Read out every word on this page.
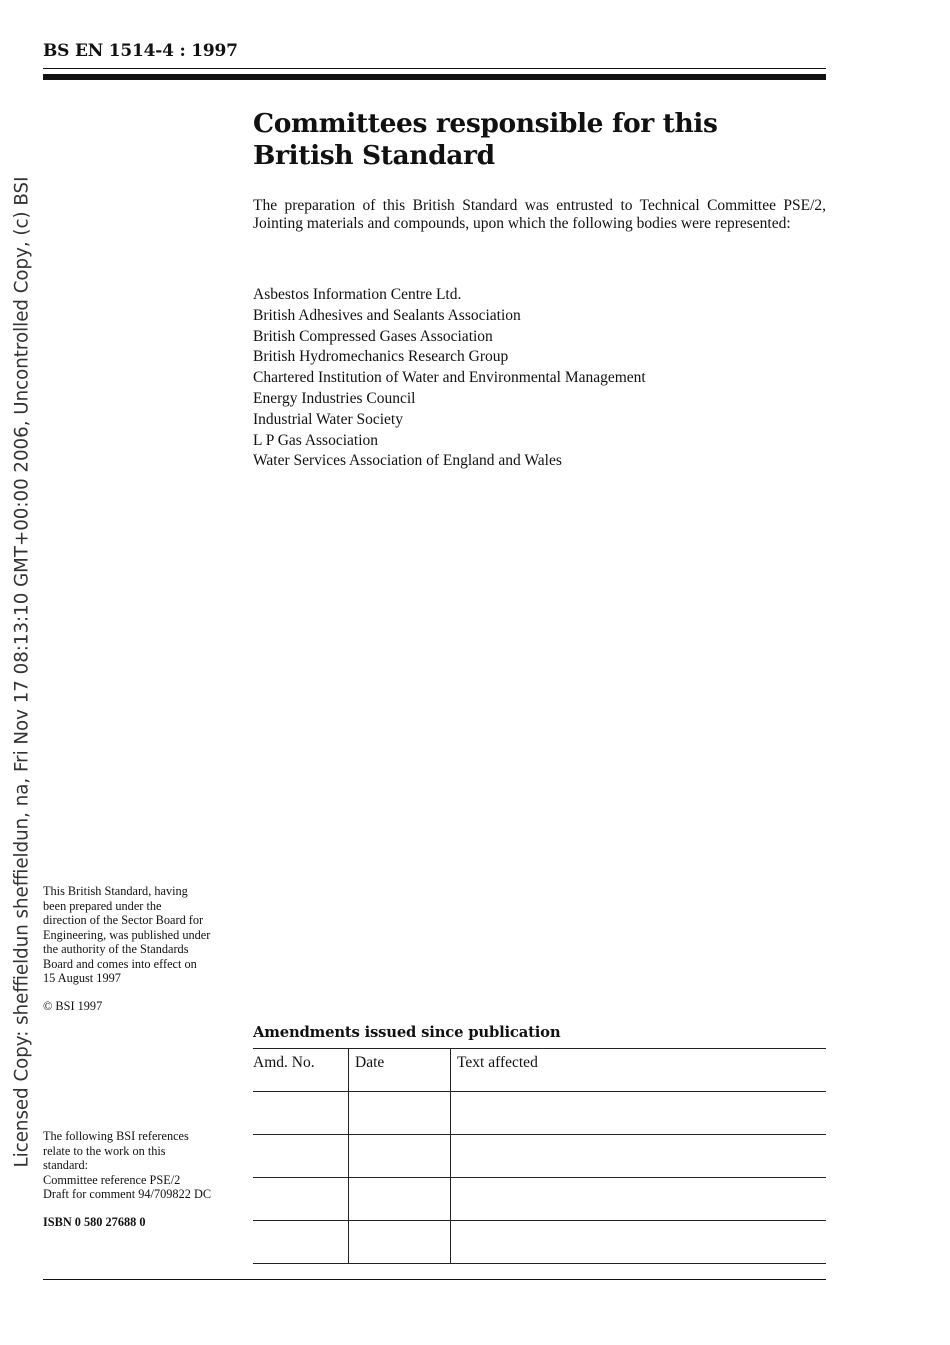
BS EN 1514-4 : 1997
Licensed Copy: sheffieldun sheffieldun, na, Fri Nov 17 08:13:10 GMT+00:00 2006, Uncontrolled Copy, (c) BSI
Committees responsible for this
British Standard
The preparation of this British Standard was entrusted to Technical Committee PSE/2, Jointing materials and compounds, upon which the following bodies were represented:
Asbestos Information Centre Ltd.
British Adhesives and Sealants Association
British Compressed Gases Association
British Hydromechanics Research Group
Chartered Institution of Water and Environmental Management
Energy Industries Council
Industrial Water Society
L P Gas Association
Water Services Association of England and Wales
This British Standard, having
been prepared under the
direction of the Sector Board for
Engineering, was published under
the authority of the Standards
Board and comes into effect on
15 August 1997
© BSI 1997
The following BSI references
relate to the work on this
standard:
Committee reference PSE/2
Draft for comment 94/709822 DC
ISBN 0 580 27688 0
Amendments issued since publication
Amd. No.	Date	Text affected
